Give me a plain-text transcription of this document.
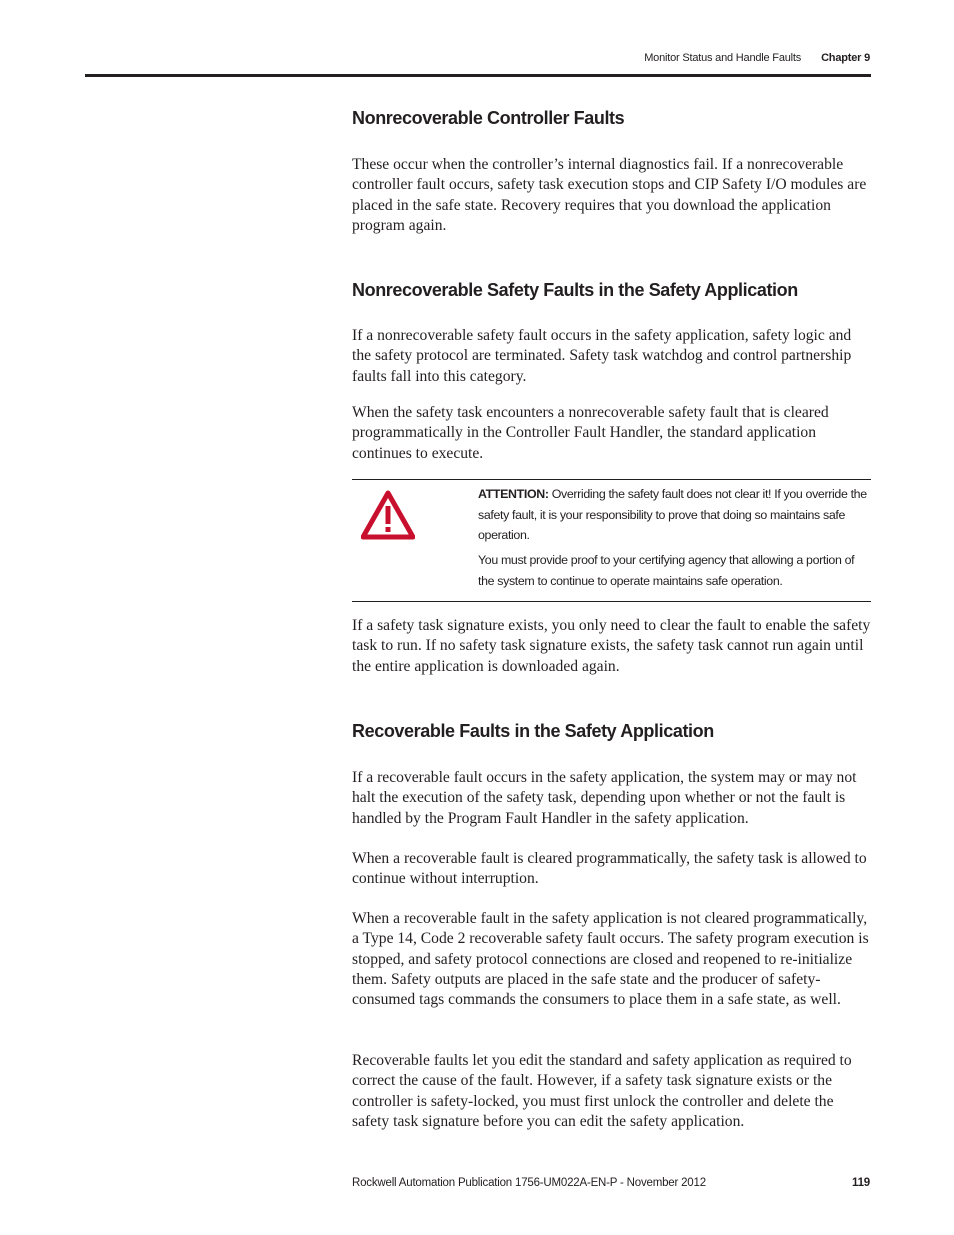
Monitor Status and Handle Faults Chapter 9
Nonrecoverable Controller Faults

These occur when the controller’s internal diagnostics fail. If a nonrecoverable controller fault occurs, safety task execution stops and CIP Safety I/O modules are placed in the safe state. Recovery requires that you download the application program again.

Nonrecoverable Safety Faults in the Safety Application

If a nonrecoverable safety fault occurs in the safety application, safety logic and the safety protocol are terminated. Safety task watchdog and control partnership faults fall into this category.

When the safety task encounters a nonrecoverable safety fault that is cleared programmatically in the Controller Fault Handler, the standard application continues to execute.

ATTENTION: Overriding the safety fault does not clear it! If you override the safety fault, it is your responsibility to prove that doing so maintains safe operation.
You must provide proof to your certifying agency that allowing a portion of the system to continue to operate maintains safe operation.

If a safety task signature exists, you only need to clear the fault to enable the safety task to run. If no safety task signature exists, the safety task cannot run again until the entire application is downloaded again.

Recoverable Faults in the Safety Application

If a recoverable fault occurs in the safety application, the system may or may not halt the execution of the safety task, depending upon whether or not the fault is handled by the Program Fault Handler in the safety application.

When a recoverable fault is cleared programmatically, the safety task is allowed to continue without interruption.

When a recoverable fault in the safety application is not cleared programmatically, a Type 14, Code 2 recoverable safety fault occurs. The safety program execution is stopped, and safety protocol connections are closed and reopened to re-initialize them. Safety outputs are placed in the safe state and the producer of safety-consumed tags commands the consumers to place them in a safe state, as well.

Recoverable faults let you edit the standard and safety application as required to correct the cause of the fault. However, if a safety task signature exists or the controller is safety-locked, you must first unlock the controller and delete the safety task signature before you can edit the safety application.

Rockwell Automation Publication 1756-UM022A-EN-P - November 2012	119
